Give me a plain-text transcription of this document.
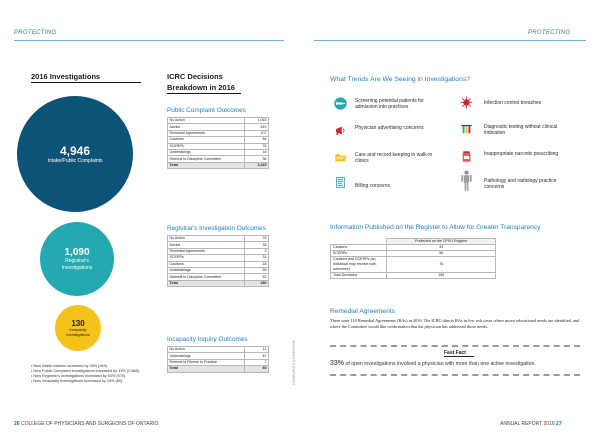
PROTECTING	PROTECTING
2016 Investigations
4,946
Intake/Public Complaints
1,090
Registrar's Investigations
130
Incapacity Investigations
• New intake matters increased by 26% (549).
• New Public Complaint investigations increased by 13% (2,668).
• New Registrar's investigations increased by 53% (570).
• New Incapacity investigations increased by 15% (80).
ICRC Decisions
Breakdown in 2016
Public Complaint Outcomes
No Action	1,063
Advice	515
Remedial Agreements	107
Cautions	84
SCERPs	76
Undertakings	16
Referral to Discipline Committee	38
Total	2,419
Registrar's Investigation Outcomes
No Action	78
Advice	38
Remedial Agreements	3
SCERPs	31
Cautions	18
Undertakings	59
Referral to Discipline Committee	53
Total	280
Incapacity Inquiry Outcomes
No Action	11
Undertakings	42
Referral to Fitness to Practise	7
Total	60	COMPLAINTS & DISCIPLINE
What Trends Are We Seeing in Investigations?
Screening potential patients for admission into practices
Physician advertising concerns
Care and record keeping in walk-in clinics
Billing concerns
Infection control breaches
Diagnostic testing without clinical indication
Inappropriate narcotic prescribing
Pathology and radiology practice concerns
Information Published on the Register to Allow for Greater Transparency
	Published on the CPSO Register
Cautions	33
SCERPs	56
Cautions and SCERPs (an individual may receive both outcomes)	76
Total Decisions	165
Remedial Agreements
There were 110 Remedial Agreements (RAs) in 2016. The ICRC directs RAs in low risk cases where minor educational needs are identified, and where the Committee would like confirmation that the physician has addressed those needs.
Fast Fact
33% of open investigations involved a physician with more than one active investigation.
26 COLLEGE OF PHYSICIANS AND SURGEONS OF ONTARIO	ANNUAL REPORT 2016 27
